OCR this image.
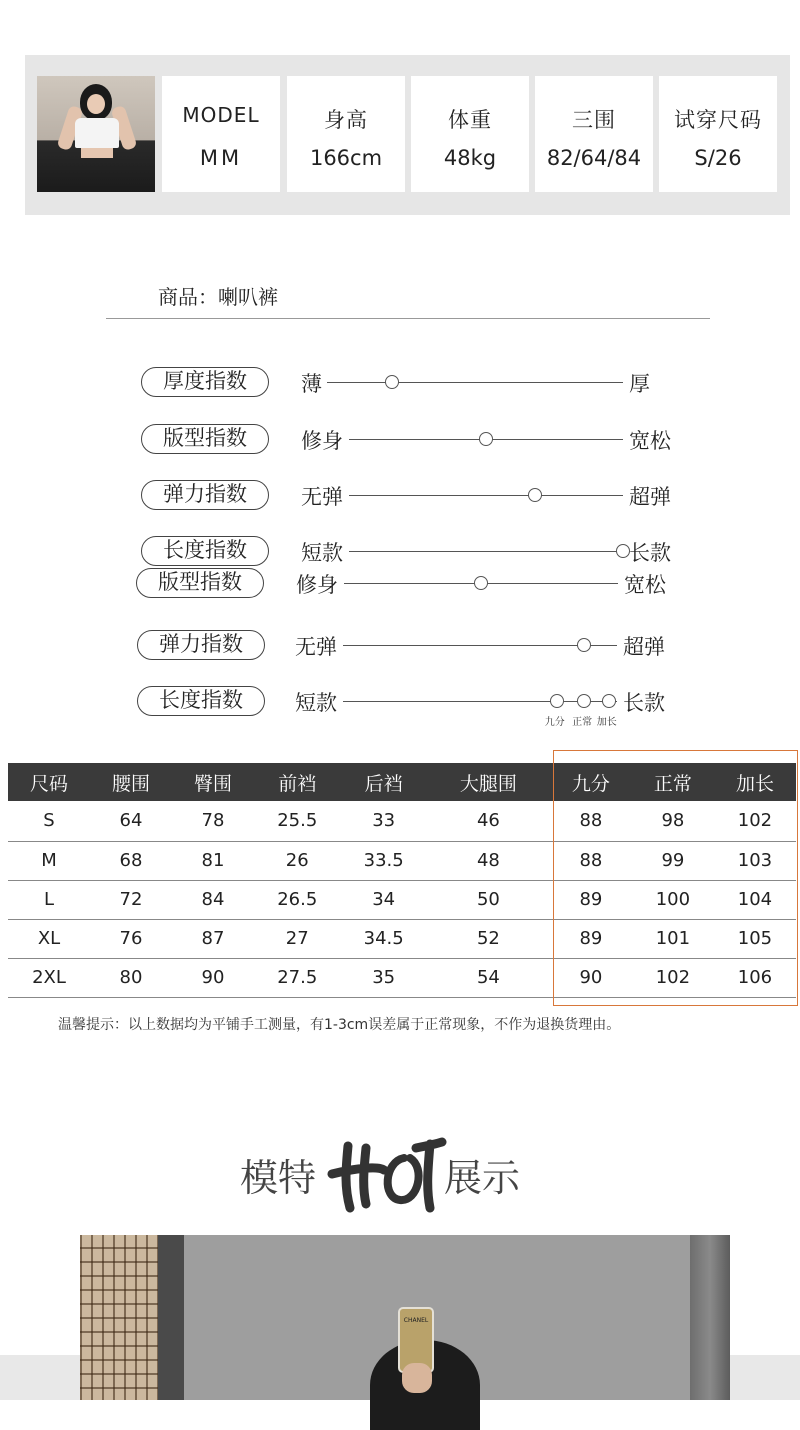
MODEL
MM
身高
166cm
体重
48kg
三围
82/64/84
试穿尺码
S/26
商品：喇叭裤
厚度指数	薄	厚
版型指数	修身	宽松
弹力指数	无弹	超弹
长度指数	短款	长款
版型指数	修身	宽松
弹力指数	无弹	超弹
长度指数	短款	长款
尺码	腰围	臀围	前裆	后裆	大腿围	九分	正常	加长
S	64	78	25.5	33	46	88	98	102
M	68	81	26	33.5	48	88	99	103
L	72	84	26.5	34	50	89	100	104
XL	76	87	27	34.5	52	89	101	105
2XL	80	90	27.5	35	54	90	102	106
温馨提示：以上数据均为平铺手工测量，有1-3cm误差属于正常现象，不作为退换货理由。
模特	展示
CHANEL
九分 正常 加长
